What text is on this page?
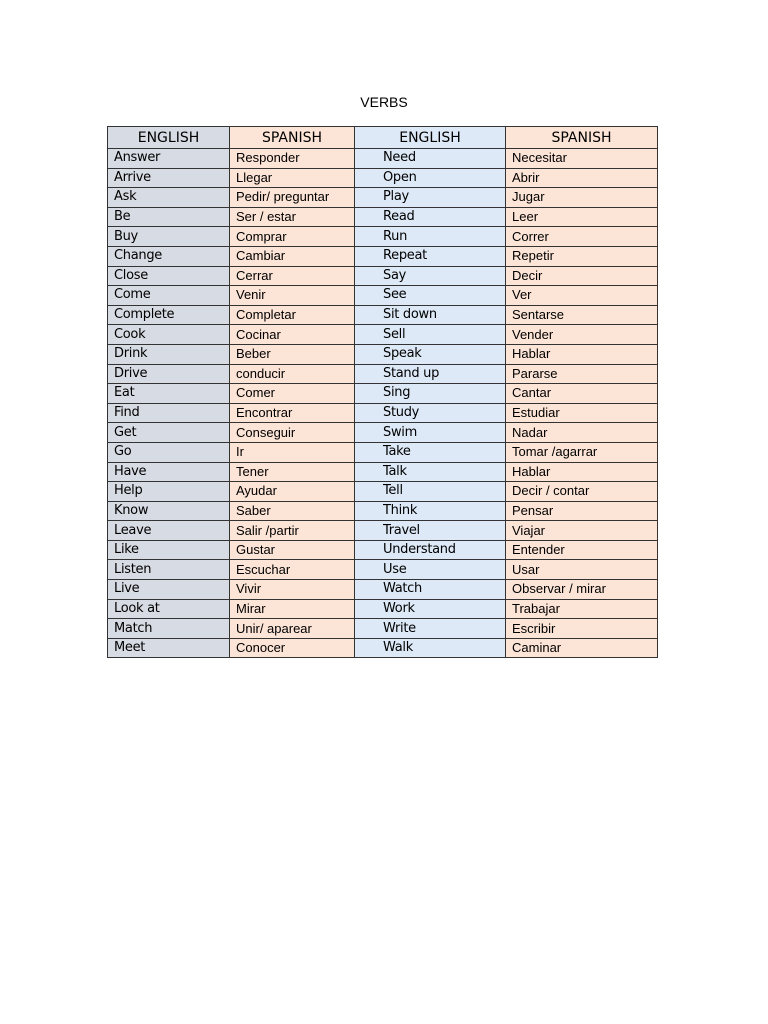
VERBS
ENGLISH	SPANISH	ENGLISH	SPANISH
Answer	Responder	Need	Necesitar
Arrive	Llegar	Open	Abrir
Ask	Pedir/ preguntar	Play	Jugar
Be	Ser / estar	Read	Leer
Buy	Comprar	Run	Correr
Change	Cambiar	Repeat	Repetir
Close	Cerrar	Say	Decir
Come	Venir	See	Ver
Complete	Completar	Sit down	Sentarse
Cook	Cocinar	Sell	Vender
Drink	Beber	Speak	Hablar
Drive	conducir	Stand up	Pararse
Eat	Comer	Sing	Cantar
Find	Encontrar	Study	Estudiar
Get	Conseguir	Swim	Nadar
Go	Ir	Take	Tomar /agarrar
Have	Tener	Talk	Hablar
Help	Ayudar	Tell	Decir / contar
Know	Saber	Think	Pensar
Leave	Salir /partir	Travel	Viajar
Like	Gustar	Understand	Entender
Listen	Escuchar	Use	Usar
Live	Vivir	Watch	Observar / mirar
Look at	Mirar	Work	Trabajar
Match	Unir/ aparear	Write	Escribir
Meet	Conocer	Walk	Caminar
